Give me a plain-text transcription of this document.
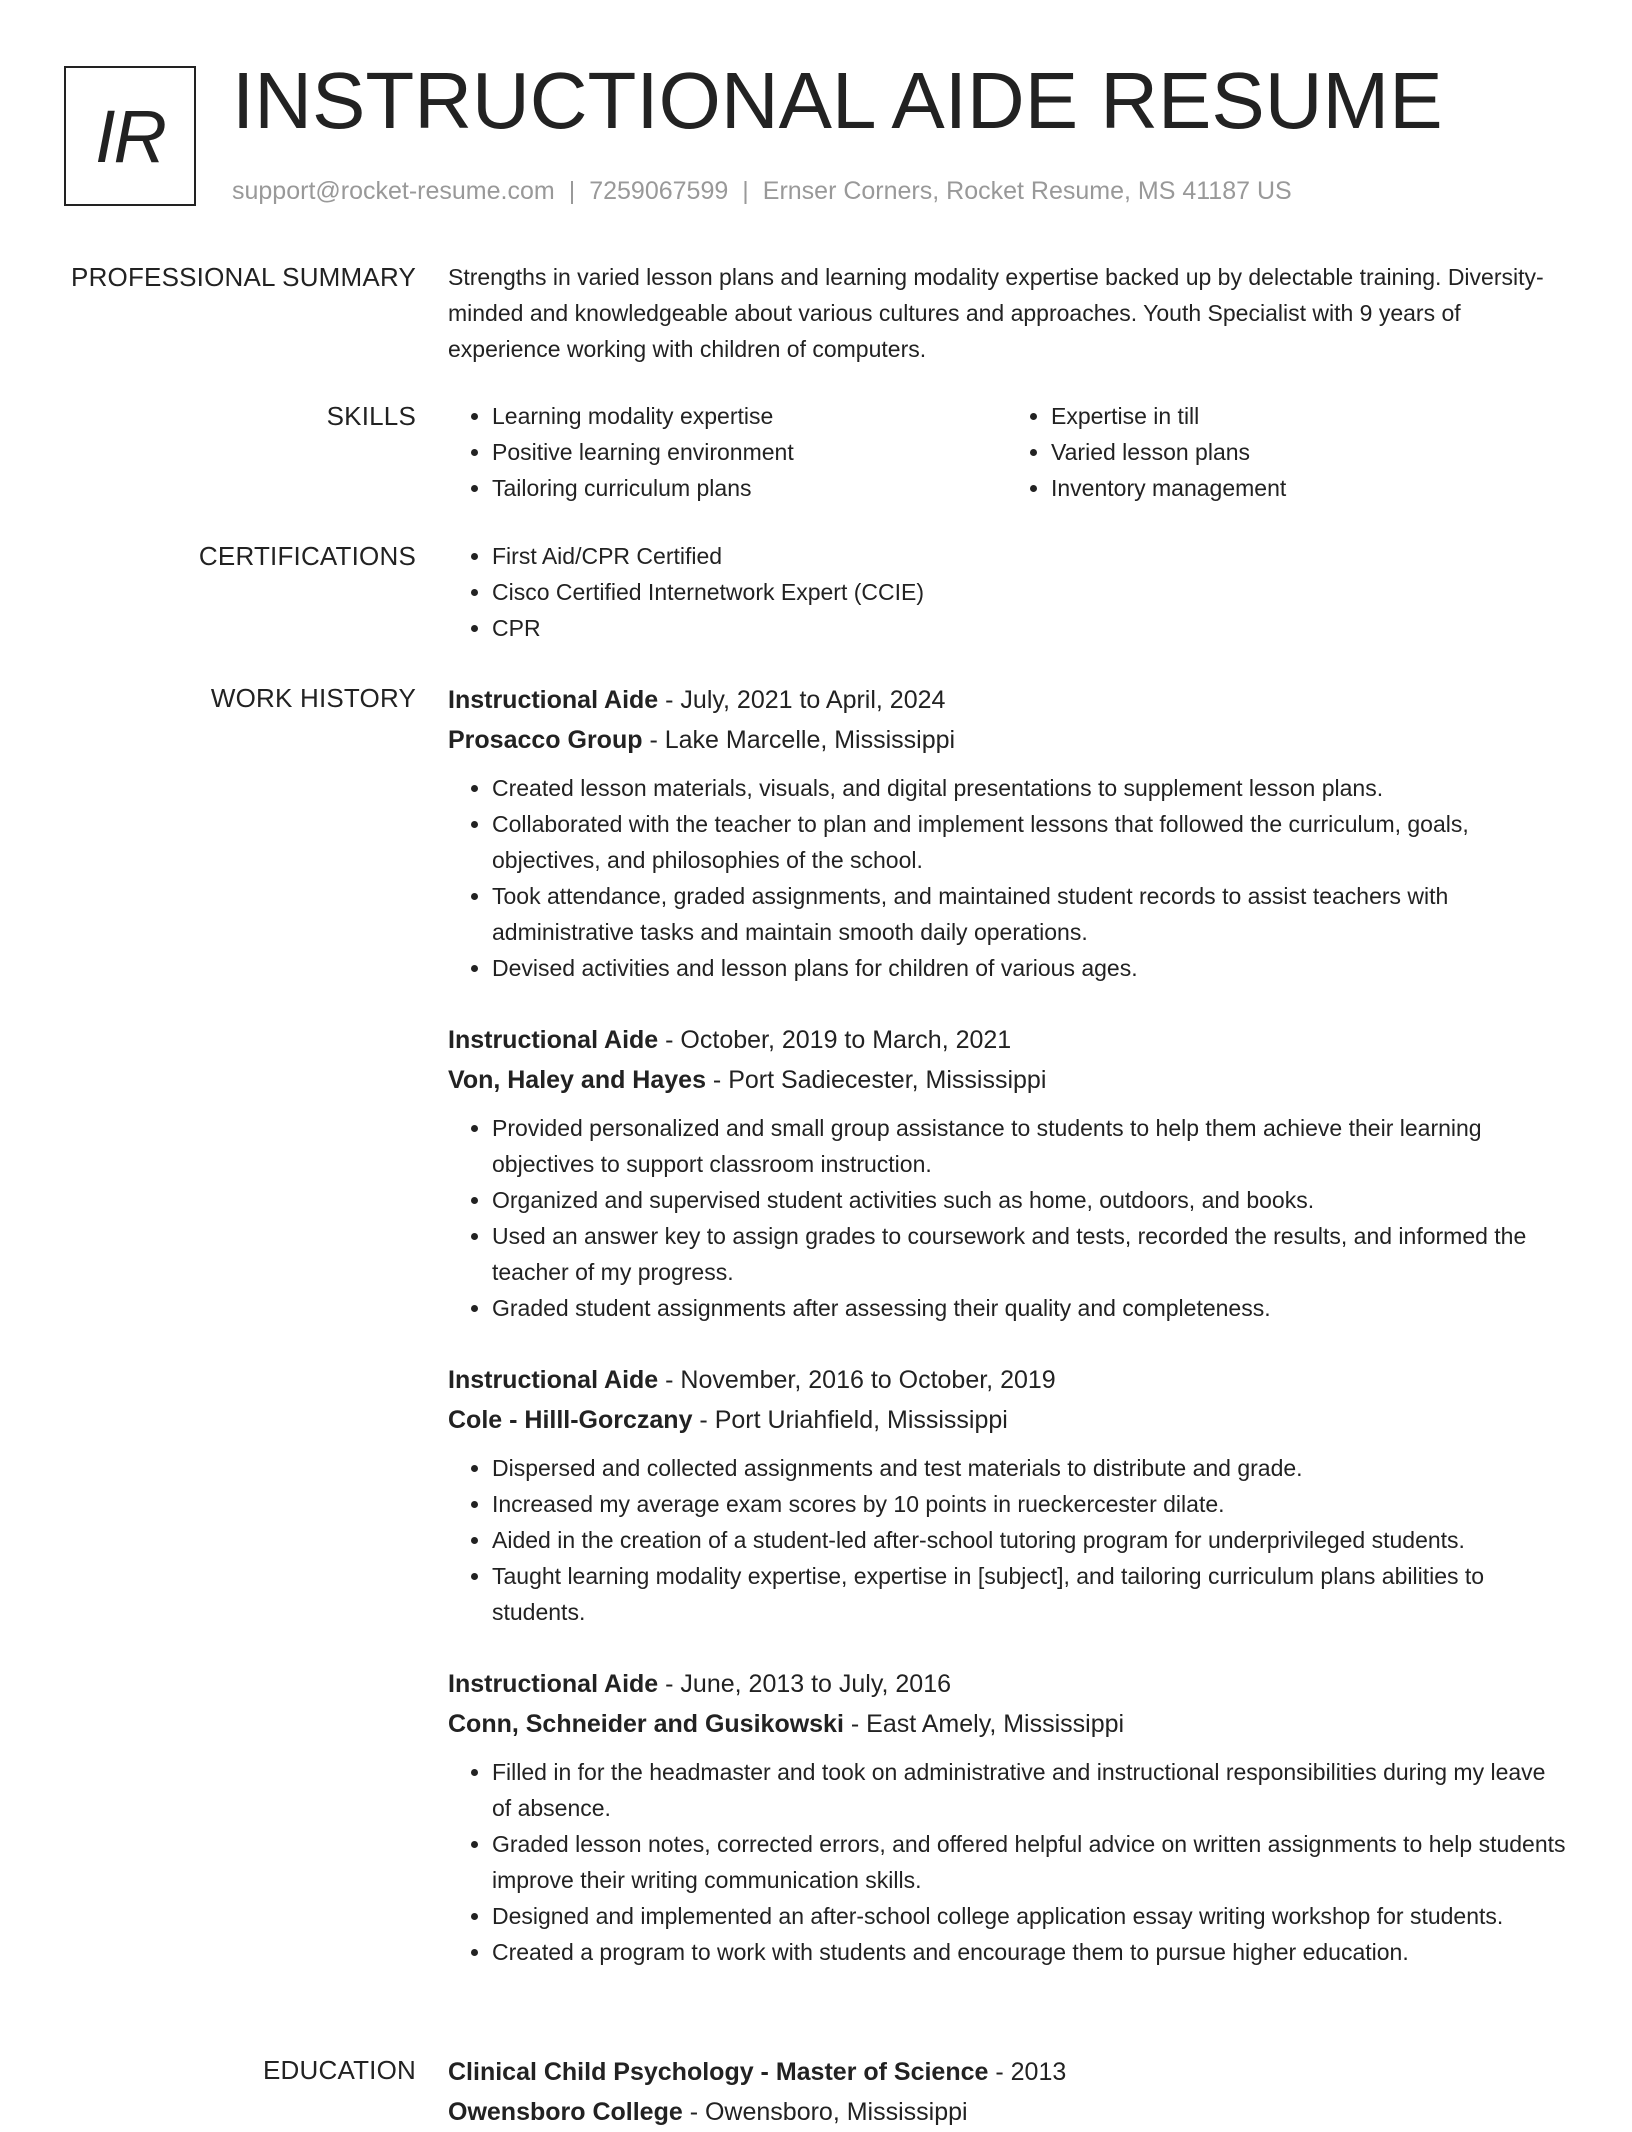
IR INSTRUCTIONAL AIDE RESUME
support@rocket-resume.com | 7259067599 | Ernser Corners, Rocket Resume, MS 41187 US
PROFESSIONAL SUMMARY Strengths in varied lesson plans and learning modality expertise backed up by delectable training. Diversity-minded and knowledgeable about various cultures and approaches. Youth Specialist with 9 years of experience working with children of computers.

SKILLS	• Learning modality expertise
• Positive learning environment
• Tailoring curriculum plans
• Expertise in till
• Varied lesson plans
• Inventory management
CERTIFICATIONS	• First Aid/CPR Certified
• Cisco Certified Internetwork Expert (CCIE)
• CPR
WORK HISTORY Instructional Aide - July, 2021 to April, 2024
Prosacco Group - Lake Marcelle, Mississippi
• Created lesson materials, visuals, and digital presentations to supplement lesson plans.
• Collaborated with the teacher to plan and implement lessons that followed the curriculum, goals, objectives, and philosophies of the school.
• Took attendance, graded assignments, and maintained student records to assist teachers with administrative tasks and maintain smooth daily operations.
• Devised activities and lesson plans for children of various ages.
Instructional Aide - October, 2019 to March, 2021
Von, Haley and Hayes - Port Sadiecester, Mississippi
• Provided personalized and small group assistance to students to help them achieve their learning objectives to support classroom instruction.
• Organized and supervised student activities such as home, outdoors, and books.
• Used an answer key to assign grades to coursework and tests, recorded the results, and informed the teacher of my progress.
• Graded student assignments after assessing their quality and completeness.
Instructional Aide - November, 2016 to October, 2019
Cole - Hilll-Gorczany - Port Uriahfield, Mississippi
• Dispersed and collected assignments and test materials to distribute and grade.
• Increased my average exam scores by 10 points in rueckercester dilate.
• Aided in the creation of a student-led after-school tutoring program for underprivileged students.
• Taught learning modality expertise, expertise in [subject], and tailoring curriculum plans abilities to students.
Instructional Aide - June, 2013 to July, 2016
Conn, Schneider and Gusikowski - East Amely, Mississippi
• Filled in for the headmaster and took on administrative and instructional responsibilities during my leave of absence.
• Graded lesson notes, corrected errors, and offered helpful advice on written assignments to help students improve their writing communication skills.
• Designed and implemented an after-school college application essay writing workshop for students.
• Created a program to work with students and encourage them to pursue higher education.
EDUCATION Clinical Child Psychology - Master of Science - 2013
Owensboro College - Owensboro, Mississippi
